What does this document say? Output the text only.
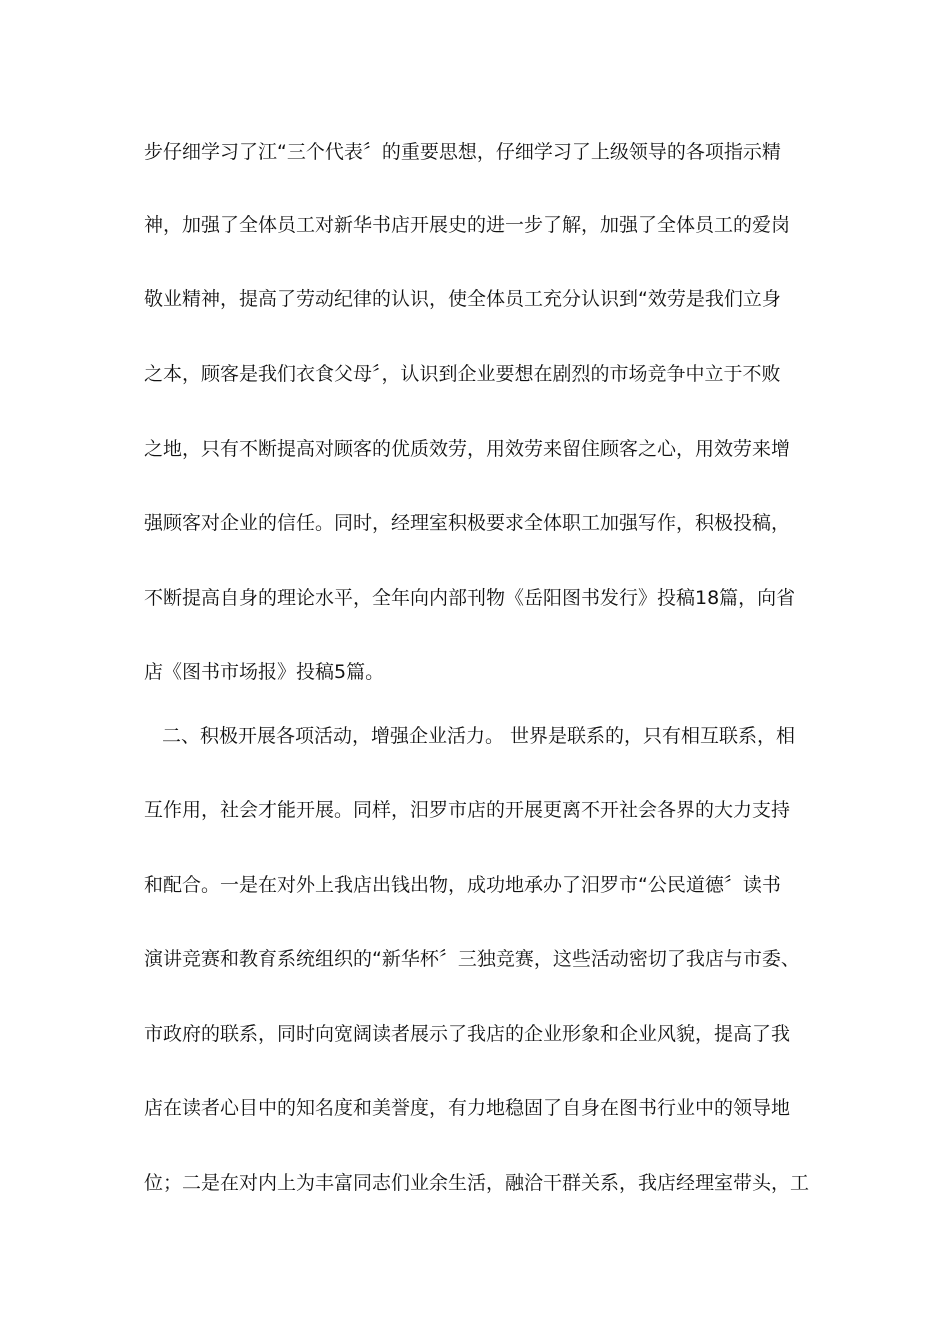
步仔细学习了江“三个代表〞的重要思想，仔细学习了上级领导的各项指示精
神，加强了全体员工对新华书店开展史的进一步了解，加强了全体员工的爱岗
敬业精神，提高了劳动纪律的认识，使全体员工充分认识到“效劳是我们立身
之本，顾客是我们衣食父母〞，认识到企业要想在剧烈的市场竞争中立于不败
之地，只有不断提高对顾客的优质效劳，用效劳来留住顾客之心，用效劳来增
强顾客对企业的信任。同时，经理室积极要求全体职工加强写作，积极投稿，
不断提高自身的理论水平，全年向内部刊物《岳阳图书发行》投稿18篇，向省
店《图书市场报》投稿5篇。
二、积极开展各项活动，增强企业活力。 世界是联系的，只有相互联系，相
互作用，社会才能开展。同样，汨罗市店的开展更离不开社会各界的大力支持
和配合。一是在对外上我店出钱出物，成功地承办了汨罗市“公民道德〞读书
演讲竞赛和教育系统组织的“新华杯〞三独竞赛，这些活动密切了我店与市委、
市政府的联系，同时向宽阔读者展示了我店的企业形象和企业风貌，提高了我
店在读者心目中的知名度和美誉度，有力地稳固了自身在图书行业中的领导地
位；二是在对内上为丰富同志们业余生活，融洽干群关系，我店经理室带头，工
